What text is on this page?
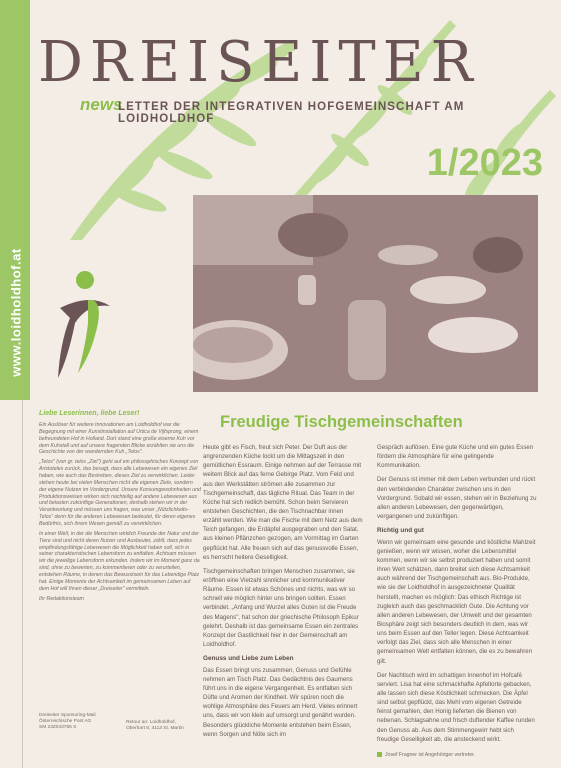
www.loidholdhof.at
DREISEITER
news
LETTER DER INTEGRATIVEN HOFGEMEINSCHAFT AM LOIDHOLDHOF
1/2023
Liebe Leserinnen, liebe Leser!

Ein Auslöser für weitere Innovationen am Loidholdhof war die Begegnung mit einer Kunstinstallation auf Urtica de Vijfsprong, einem befreundeten Hof in Holland. Dort stand eine große eiserne Kuh vor dem Kuhstall und auf unsere fragenden Blicke erzählten sie uns die Geschichte von der wandernden Kuh „Telos".

„Telos" (von gr. telos „Ziel") geht auf ein philosophisches Konzept von Aristoteles zurück, das besagt, dass alle Lebewesen ein eigenes Ziel haben, wie auch das Bestreben, dieses Ziel zu verwirklichen. Leider stehen heute bei vielen Menschen nicht die eigenen Ziele, sondern der eigene Nutzen im Vordergrund. Unsere Konsumgewohnheiten und Produktionsweisen wirken sich nachteilig auf andere Lebewesen aus und belasten zukünftige Generationen, deshalb stehen wir in der Verantwortung und müssen uns fragen, was unser „Nützlichkeits-Telos" denn für die anderen Lebewesen bedeutet, für deren eigenes Bedürfnis, sich ihrem Wesen gemäß zu verwirklichen.

In einer Welt, in der die Menschen wirklich Freunde der Natur und der Tiere sind und nicht deren Nutzer und Ausbeuter, zählt, dass jedes empfindungsfähige Lebewesen die Möglichkeit haben soll, sich in seiner charakteristischen Lebensform zu entfalten. Achtsam müssen wir die jeweilige Lebensform erkunden. Indem wir im Moment ganz da sind, ohne zu bewerten, zu kommentieren oder zu verurteilen, entstehen Räume, in denen das Bewusstsein für das Lebendige Platz hat. Einige Momente der Achtsamkeit im gemeinsamen Leben auf dem Hof will Ihnen dieser „Dreiseiter" vermitteln.

Ihr Redaktionsteam

Dreiseiter Sponsoring-Mail
Österreichische Post AG
SM 23Z043765 S
Retour an: Loidholdhof,
Oberhart 8, 4113 St. Martin
Freudige Tischgemeinschaften

Heute gibt es Fisch, freut sich Peter. Der Duft aus der angrenzenden Küche lockt um die Mittagszeit in den gemütlichen Essraum. Einige nehmen auf der Terrasse mit weitem Blick auf das ferne Gebirge Platz. Vom Feld und aus den Werkstätten strömen alle zusammen zur Tischgemeinschaft, das tägliche Ritual. Das Team in der Küche hat sich redlich bemüht. Schon beim Servieren entstehen Geschichten, die den Tischnachbar innen erzählt werden. Wie man die Fische mit dem Netz aus dem Teich gefangen, die Erdäpfel ausgegraben und den Salat, aus kleinen Pflänzchen gezogen, am Vormittag im Garten gepflückt hat. Alle freuen sich auf das genussvolle Essen, es herrscht heitere Geselligkeit.

Tischgemeinschaften bringen Menschen zusammen, sie eröffnen eine Vielzahl sinnlicher und kommunikativer Räume. Essen ist etwas Schönes und nichts, was wir so schnell wie möglich hinter uns bringen sollten. Essen verbindet. „Anfang und Wurzel alles Guten ist die Freude des Magens", hat schon der griechische Philosoph Epikur gelehrt. Deshalb ist das gemeinsame Essen ein zentrales Konzept der Gastlichkeit hier in der Gemeinschaft am Loidholdhof.

Genuss und Liebe zum Leben

Das Essen bringt uns zusammen, Genuss und Gefühle nehmen am Tisch Platz. Das Gedächtnis des Gaumens führt uns in die eigene Vergangenheit. Es entfalten sich Düfte und Aromen der Kindheit. Wir spüren noch die wohlige Atmosphäre des Feuers am Herd. Vieles erinnert uns, dass wir von klein auf umsorgt und genährt wurden. Besonders glückliche Momente entstehen beim Essen, wenn Sorgen und Nöte sich im

Gespräch auflösen. Eine gute Küche und ein gutes Essen fördern die Atmosphäre für eine gelingende Kommunikation.

Der Genuss ist immer mit dem Leben verbunden und rückt den verbindenden Charakter zwischen uns in den Vordergrund. Sobald wir essen, stehen wir in Beziehung zu allen anderen Lebewesen, den gegenwärtigen, vergangenen und zukünftigen.

Richtig und gut

Wenn wir gemeinsam eine gesunde und köstliche Mahlzeit genießen, wenn wir wissen, woher die Lebensmittel kommen, wenn wir sie selbst produziert haben und somit ihren Wert schätzen, dann breitet sich diese Achtsamkeit auch während der Tischgemeinschaft aus. Bio-Produkte, wie sie der Loidholdhof in ausgezeichneter Qualität herstellt, machen es möglich: Das ethisch Richtige ist zugleich auch das geschmacklich Gute. Die Achtung vor allen anderen Lebewesen, der Umwelt und der gesamten Biosphäre zeigt sich besonders deutlich in dem, was wir uns beim Essen auf den Teller legen. Diese Achtsamkeit verfolgt das Ziel, dass sich alle Menschen in einer gemeinsamen Welt entfalten können, die es zu bewahren gilt.

Der Nachtisch wird im schattigen Innenhof im Hofcafé serviert. Lisa hat eine schmackhafte Apfeltorte gebacken, alle lassen sich diese Köstlichkeit schmecken. Die Äpfel sind selbst gepflückt, das Mehl vom eigenen Getreide feinst gemahlen, den Honig lieferten die Bienen von nebenan. Schlagsahne und frisch duftender Kaffee runden den Genuss ab. Aus dem Stimmengewirr hebt sich freudige Geselligkeit ab, die ansteckend wirkt.

Josef Fragner ist Angehöriger vertreter.
